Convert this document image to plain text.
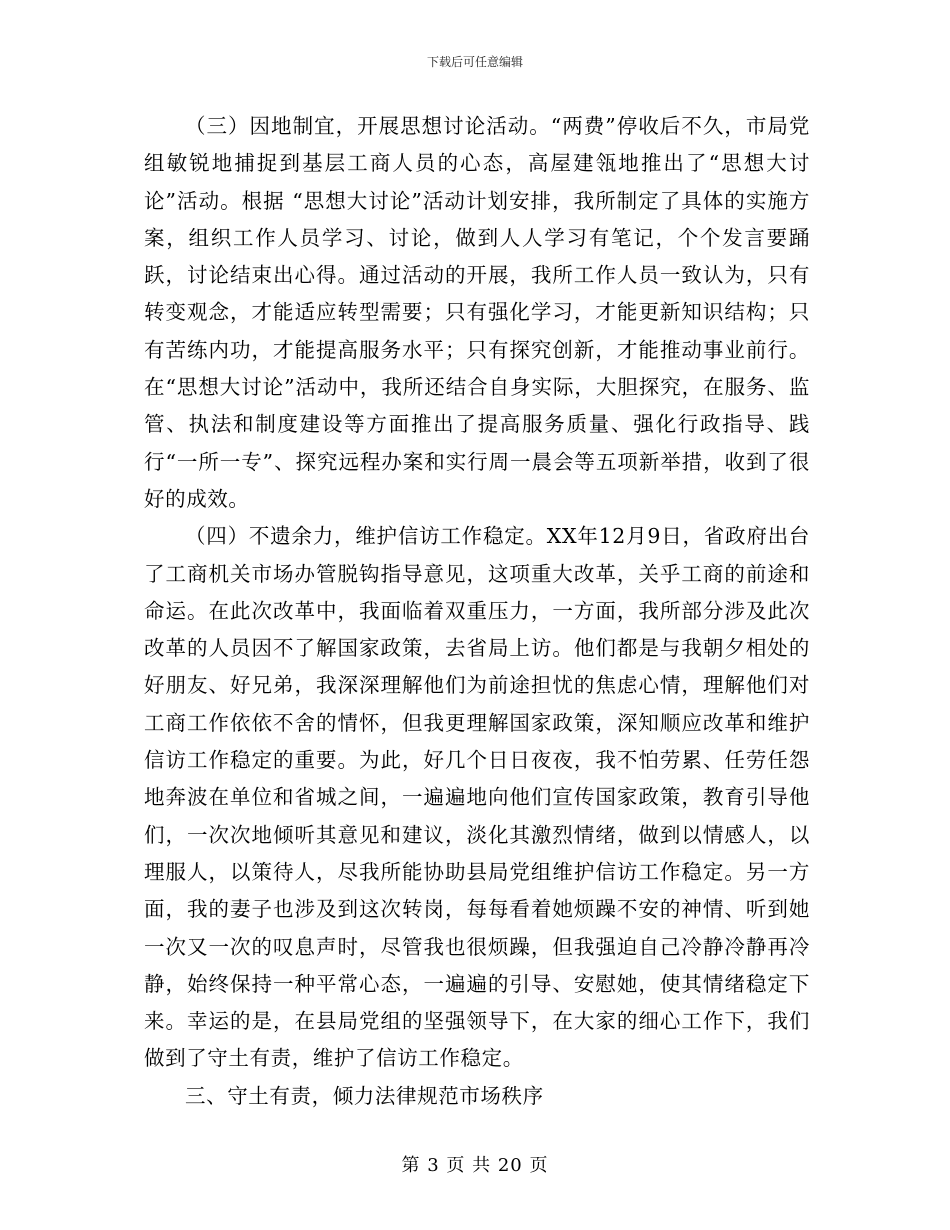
下载后可任意编辑

（三）因地制宜，开展思想讨论活动。“两费”停收后不久，市局党组敏锐地捕捉到基层工商人员的心态，高屋建瓴地推出了“思想大讨论”活动。根据 “思想大讨论”活动计划安排，我所制定了具体的实施方案，组织工作人员学习、讨论，做到人人学习有笔记，个个发言要踊跃，讨论结束出心得。通过活动的开展，我所工作人员一致认为，只有转变观念，才能适应转型需要；只有强化学习，才能更新知识结构；只有苦练内功，才能提高服务水平；只有探究创新，才能推动事业前行。在“思想大讨论”活动中，我所还结合自身实际，大胆探究，在服务、监管、执法和制度建设等方面推出了提高服务质量、强化行政指导、践行“一所一专”、探究远程办案和实行周一晨会等五项新举措，收到了很好的成效。

（四）不遗余力，维护信访工作稳定。XX年12月9日，省政府出台了工商机关市场办管脱钩指导意见，这项重大改革，关乎工商的前途和命运。在此次改革中，我面临着双重压力，一方面，我所部分涉及此次改革的人员因不了解国家政策，去省局上访。他们都是与我朝夕相处的好朋友、好兄弟，我深深理解他们为前途担忧的焦虑心情，理解他们对工商工作依依不舍的情怀，但我更理解国家政策，深知顺应改革和维护信访工作稳定的重要。为此，好几个日日夜夜，我不怕劳累、任劳任怨地奔波在单位和省城之间，一遍遍地向他们宣传国家政策，教育引导他们，一次次地倾听其意见和建议，淡化其激烈情绪，做到以情感人，以理服人，以策待人，尽我所能协助县局党组维护信访工作稳定。另一方面，我的妻子也涉及到这次转岗，每每看着她烦躁不安的神情、听到她一次又一次的叹息声时，尽管我也很烦躁，但我强迫自己冷静冷静再冷静，始终保持一种平常心态，一遍遍的引导、安慰她，使其情绪稳定下来。幸运的是，在县局党组的坚强领导下，在大家的细心工作下，我们做到了守土有责，维护了信访工作稳定。

三、守土有责，倾力法律规范市场秩序

第 3 页 共 20 页
